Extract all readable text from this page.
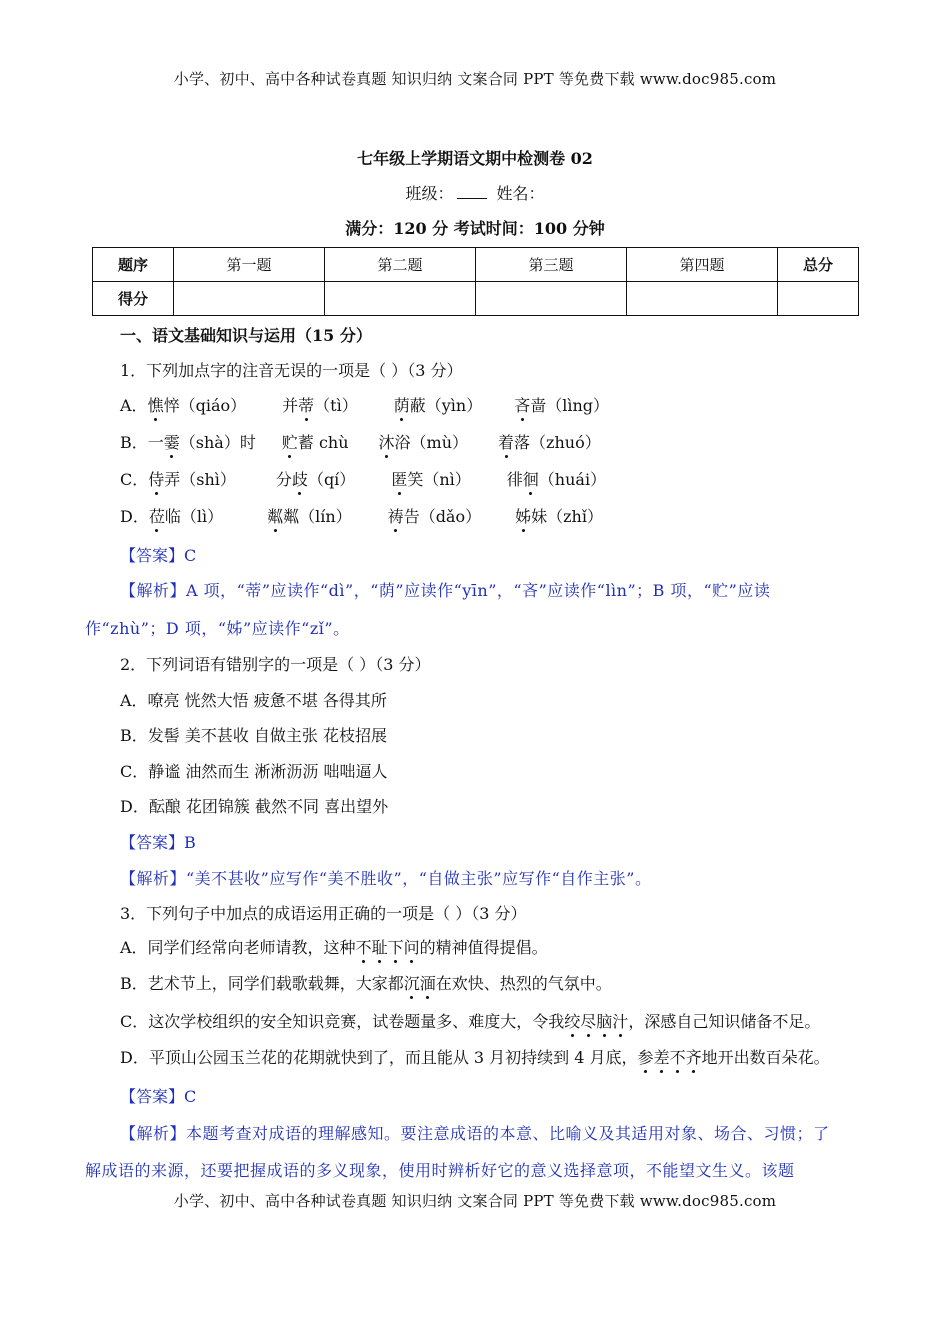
小学、初中、高中各种试卷真题 知识归纳 文案合同 PPT 等免费下载 www.doc985.com
七年级上学期语文期中检测卷 02
班级：	姓名：
满分：120 分 考试时间：100 分钟
题序	第一题	第二题	第三题	第四题	总分
得分					
一、语文基础知识与运用（15 分）
1．下列加点字的注音无误的一项是（ ）（3 分）
A．憔悴（qiáo） 并蒂（tì） 荫蔽（yìn） 吝啬（lìng）
B．一霎（shà）时 贮蓄 chù 沐浴（mù） 着落（zhuó）
C．侍弄（shì）	分歧（qí） 匿笑（nì） 徘徊（huái）
D．莅临（lì）	粼粼（lín） 祷告（dǎo） 姊妹（zhǐ）
【答案】C
【解析】A 项，“蒂”应读作“dì”，“荫”应读作“yīn”，“吝”应读作“lìn”；B 项，“贮”应读
作“zhù”；D 项，“姊”应读作“zǐ”。
2．下列词语有错别字的一项是（ ）（3 分）
A．嘹亮 恍然大悟 疲惫不堪 各得其所
B．发髻 美不甚收 自做主张 花枝招展
C．静谧 油然而生 淅淅沥沥 咄咄逼人
D．酝酿 花团锦簇 截然不同 喜出望外
【答案】B
【解析】“美不甚收”应写作“美不胜收”，“自做主张”应写作“自作主张”。
3．下列句子中加点的成语运用正确的一项是（ ）（3 分）
A．同学们经常向老师请教，这种不耻下问的精神值得提倡。
B．艺术节上，同学们载歌载舞，大家都沉湎在欢快、热烈的气氛中。
C．这次学校组织的安全知识竞赛，试卷题量多、难度大，令我绞尽脑汁，深感自己知识储备不足。
D．平顶山公园玉兰花的花期就快到了，而且能从 3 月初持续到 4 月底，参差不齐地开出数百朵花。
【答案】C
【解析】本题考查对成语的理解感知。要注意成语的本意、比喻义及其适用对象、场合、习惯；了
解成语的来源，还要把握成语的多义现象，使用时辨析好它的意义选择意项，不能望文生义。该题
小学、初中、高中各种试卷真题 知识归纳 文案合同 PPT 等免费下载 www.doc985.com
